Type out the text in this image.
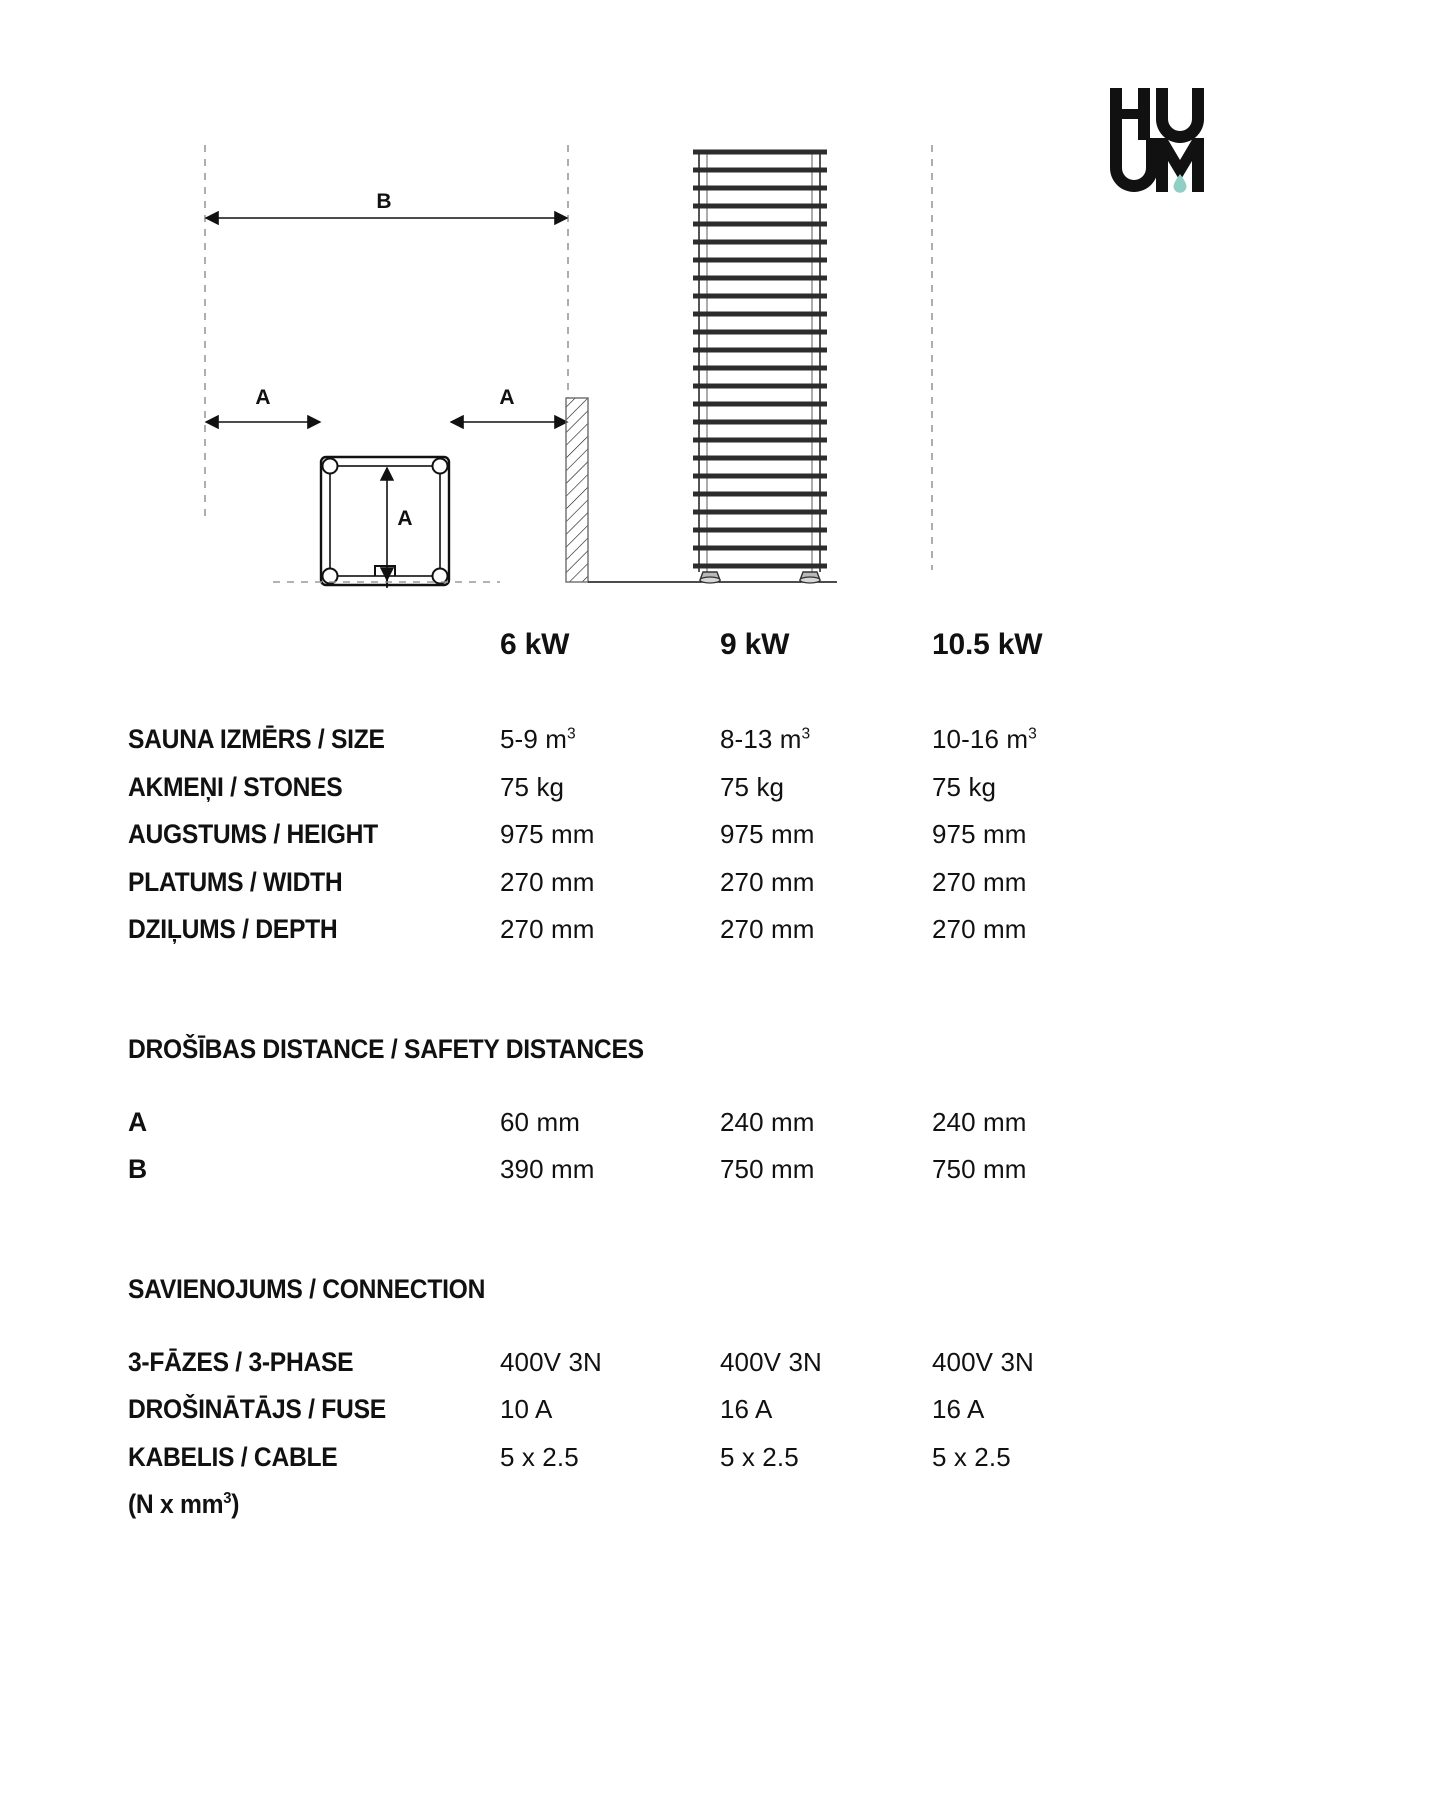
B
A	A
A
6 kW	9 kW	10.5 kW
SAUNA IZMĒRS / SIZE	5-9 $m^3$	8-13 $m^3$	10-16 $m^3$
AKMEŅI / STONES	75 kg	75 kg	75 kg
AUGSTUMS / HEIGHT	975 mm	975 mm	975 mm
PLATUMS / WIDTH	270 mm	270 mm	270 mm
DZIĻUMS / DEPTH	270 mm	270 mm	270 mm
DROŠĪBAS DISTANCE / SAFETY DISTANCES
A	60 mm	240 mm	240 mm
B	390 mm	750 mm	750 mm
SAVIENOJUMS / CONNECTION
3-FĀZES / 3-PHASE	400V 3N	400V 3N	400V 3N
DROŠINĀTĀJS / FUSE	10 A	16 A	16 A
KABELIS / CABLE	5 x 2.5	5 x 2.5	5 x 2.5
(N x $mm^3$)
